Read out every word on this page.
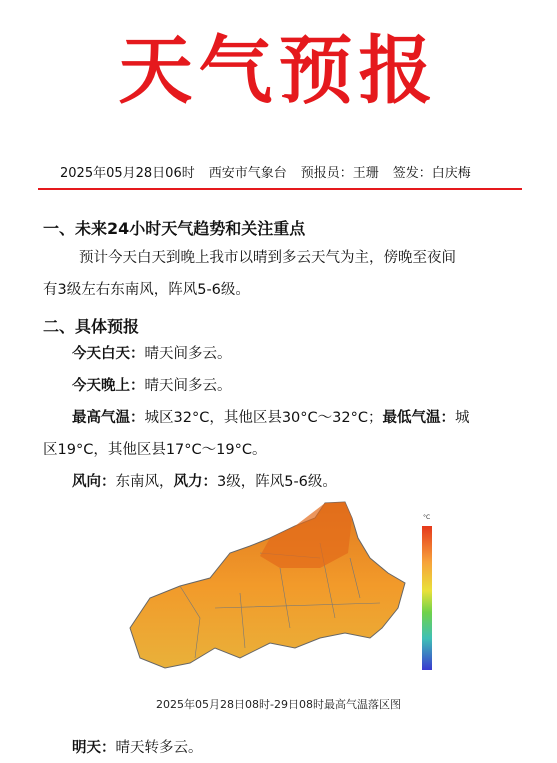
天气预报
2025年05月28日06时 西安市气象台 预报员：王珊 签发：白庆梅
一、未来24小时天气趋势和关注重点
预计今天白天到晚上我市以晴到多云天气为主，傍晚至夜间
有3级左右东南风，阵风5-6级。
二、具体预报
今天白天：晴天间多云。
今天晚上：晴天间多云。
最高气温：城区32°C，其他区县30°C～32°C；最低气温：城
区19°C，其他区县17°C～19°C。
风向：东南风，风力：3级，阵风5-6级。
°C
2025年05月28日08时-29日08时最高气温落区图
明天：晴天转多云。
